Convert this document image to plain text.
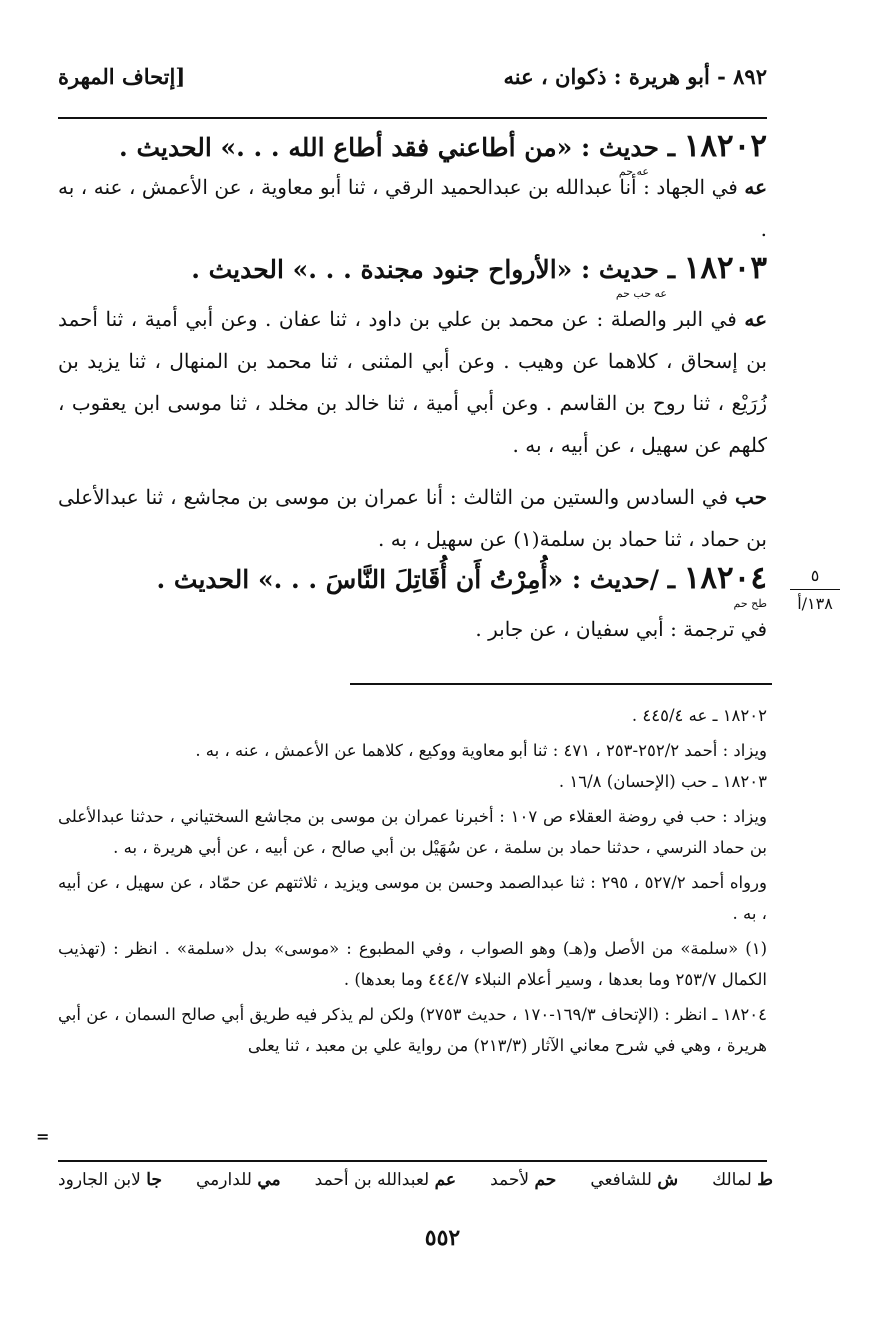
٨٩٢ - أبو هريرة : ذكوان ، عنه
[إتحاف المهرة
١٨٢٠٢ ـ حديث : «من أطاعني فقد أطاع الله . . .» الحديث .
عه حم

عه في الجهاد : أنا عبدالله بن عبدالحميد الرقي ، ثنا أبو معاوية ، عن الأعمش ، عنه ، به .

١٨٢٠٣ ـ حديث : «الأرواح جنود مجندة . . .» الحديث .
عه حب حم

عه في البر والصلة : عن محمد بن علي بن داود ، ثنا عفان . وعن أبي أمية ، ثنا أحمد بن إسحاق ، كلاهما عن وهيب . وعن أبي المثنى ، ثنا محمد بن المنهال ، ثنا يزيد بن زُرَيْع ، ثنا روح بن القاسم . وعن أبي أمية ، ثنا خالد بن مخلد ، ثنا موسى ابن يعقوب ، كلهم عن سهيل ، عن أبيه ، به .

حب في السادس والستين من الثالث : أنا عمران بن موسى بن مجاشع ، ثنا عبدالأعلى بن حماد ، ثنا حماد بن سلمة(١) عن سهيل ، به .

١٨٢٠٤ ـ /حديث : «أُمِرْتُ أَن أُقَاتِلَ النَّاسَ . . .» الحديث .
طح حم

في ترجمة : أبي سفيان ، عن جابر .

٥
١٣٨/أ

١٨٢٠٢ ـ عه ٤٤٥/٤ .

ويزاد : أحمد ٢٥٢/٢-٢٥٣ ، ٤٧١ : ثنا أبو معاوية ووكيع ، كلاهما عن الأعمش ، عنه ، به .

١٨٢٠٣ ـ حب (الإحسان) ١٦/٨ .

ويزاد : حب في روضة العقلاء ص ١٠٧ : أخبرنا عمران بن موسى بن مجاشع السختياني ، حدثنا عبدالأعلى بن حماد النرسي ، حدثنا حماد بن سلمة ، عن سُهَيْل بن أبي صالح ، عن أبيه ، عن أبي هريرة ، به .

ورواه أحمد ٥٢٧/٢ ، ٢٩٥ : ثنا عبدالصمد وحسن بن موسى ويزيد ، ثلاثتهم عن حمّاد ، عن سهيل ، عن أبيه ، به .

(١) «سلمة» من الأصل و(هـ) وهو الصواب ، وفي المطبوع : «موسى» بدل «سلمة» . انظر : (تهذيب الكمال ٢٥٣/٧ وما بعدها ، وسير أعلام النبلاء ٤٤٤/٧ وما بعدها) .

١٨٢٠٤ ـ انظر : (الإتحاف ١٦٩/٣-١٧٠ ، حديث ٢٧٥٣) ولكن لم يذكر فيه طريق أبي صالح السمان ، عن أبي هريرة ، وهي في شرح معاني الآثار (٢١٣/٣) من رواية علي بن معبد ، ثنا يعلى

=
ط لمالك
ش للشافعي
حم لأحمد
عم لعبدالله بن أحمد
مي للدارمي
جا لابن الجارود
٥٥٢
